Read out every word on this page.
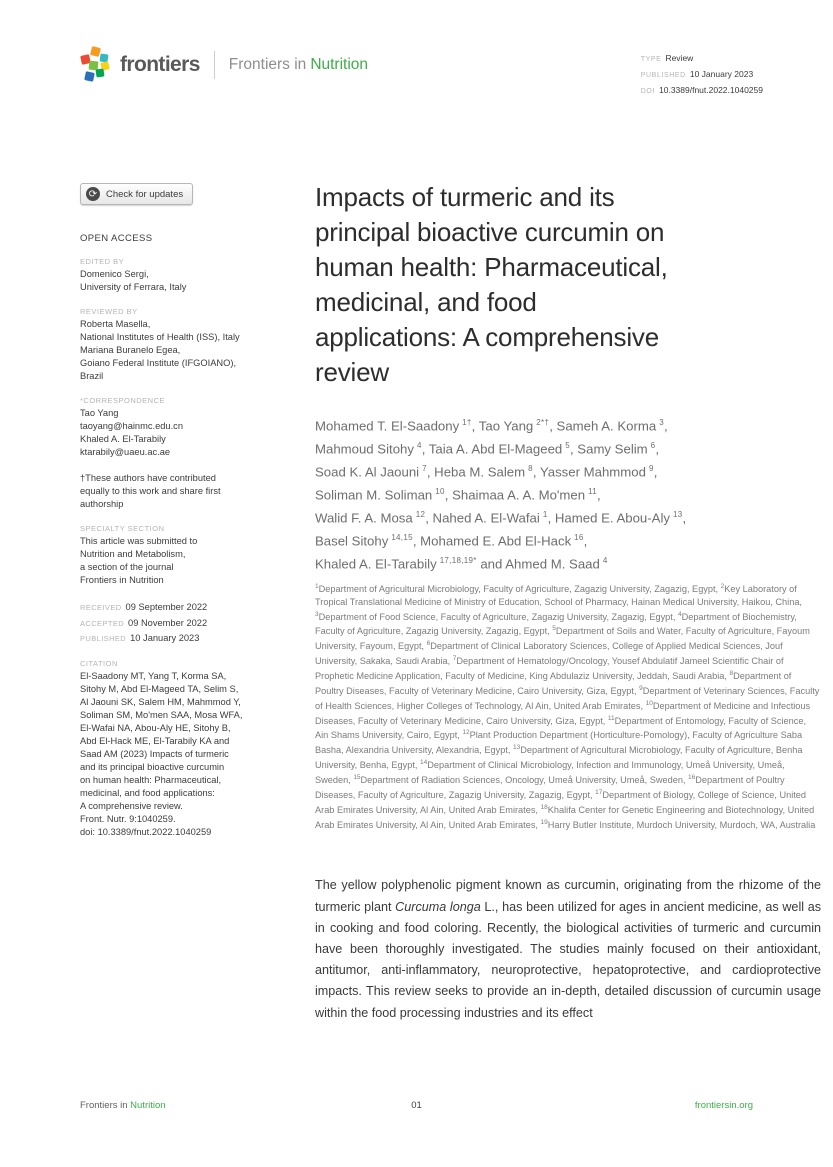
frontiers Frontiers in Nutrition	TYPE Review
PUBLISHED 10 January 2023
DOI 10.3389/fnut.2022.1040259
⟳ Check for updates
OPEN ACCESS
EDITED BY
Domenico Sergi,
University of Ferrara, Italy
REVIEWED BY
Roberta Masella,
National Institutes of Health (ISS), Italy
Mariana Buranelo Egea,
Goiano Federal Institute (IFGOIANO),
Brazil
*CORRESPONDENCE
Tao Yang
taoyang@hainmc.edu.cn
Khaled A. El-Tarabily
ktarabily@uaeu.ac.ae
†These authors have contributed
equally to this work and share first
authorship
SPECIALTY SECTION
This article was submitted to
Nutrition and Metabolism,
a section of the journal
Frontiers in Nutrition
RECEIVED 09 September 2022
ACCEPTED 09 November 2022
PUBLISHED 10 January 2023
CITATION
El-Saadony MT, Yang T, Korma SA,
Sitohy M, Abd El-Mageed TA, Selim S,
Al Jaouni SK, Salem HM, Mahmmod Y,
Soliman SM, Mo'men SAA, Mosa WFA,
El-Wafai NA, Abou-Aly HE, Sitohy B,
Abd El-Hack ME, El-Tarabily KA and
Saad AM (2023) Impacts of turmeric
and its principal bioactive curcumin
on human health: Pharmaceutical,
medicinal, and food applications:
A comprehensive review.
Front. Nutr. 9:1040259.
doi: 10.3389/fnut.2022.1040259
Impacts of turmeric and its
principal bioactive curcumin on
human health: Pharmaceutical,
medicinal, and food
applications: A comprehensive
review
Mohamed T. El-Saadony $^{1\dagger}$, Tao Yang $^{2*\dagger}$, Sameh A. Korma $^3$,
Mahmoud Sitohy $^4$, Taia A. Abd El-Mageed $^5$, Samy Selim $^6$,
Soad K. Al Jaouni $^7$, Heba M. Salem $^8$, Yasser Mahmmod $^9$,
Soliman M. Soliman $^{10}$, Shaimaa A. A. Mo'men $^{11}$,
Walid F. A. Mosa $^{12}$, Nahed A. El-Wafai $^1$, Hamed E. Abou-Aly $^{13}$,
Basel Sitohy $^{14,15}$, Mohamed E. Abd El-Hack $^{16}$,
Khaled A. El-Tarabily $^{17,18,19*}$ and Ahmed M. Saad $^4$
$^1$Department of Agricultural Microbiology, Faculty of Agriculture, Zagazig University, Zagazig, Egypt, $^2$Key Laboratory of Tropical Translational Medicine of Ministry of Education, School of Pharmacy, Hainan Medical University, Haikou, China, $^3$Department of Food Science, Faculty of Agriculture, Zagazig University, Zagazig, Egypt, $^4$Department of Biochemistry, Faculty of Agriculture, Zagazig University, Zagazig, Egypt, $^5$Department of Soils and Water, Faculty of Agriculture, Fayoum University, Fayoum, Egypt, $^6$Department of Clinical Laboratory Sciences, College of Applied Medical Sciences, Jouf University, Sakaka, Saudi Arabia, $^7$Department of Hematology/Oncology, Yousef Abdulatif Jameel Scientific Chair of Prophetic Medicine Application, Faculty of Medicine, King Abdulaziz University, Jeddah, Saudi Arabia, $^8$Department of Poultry Diseases, Faculty of Veterinary Medicine, Cairo University, Giza, Egypt, $^9$Department of Veterinary Sciences, Faculty of Health Sciences, Higher Colleges of Technology, Al Ain, United Arab Emirates, $^{10}$Department of Medicine and Infectious Diseases, Faculty of Veterinary Medicine, Cairo University, Giza, Egypt, $^{11}$Department of Entomology, Faculty of Science, Ain Shams University, Cairo, Egypt, $^{12}$Plant Production Department (Horticulture-Pomology), Faculty of Agriculture Saba Basha, Alexandria University, Alexandria, Egypt, $^{13}$Department of Agricultural Microbiology, Faculty of Agriculture, Benha University, Benha, Egypt, $^{14}$Department of Clinical Microbiology, Infection and Immunology, Umeå University, Umeå, Sweden, $^{15}$Department of Radiation Sciences, Oncology, Umeå University, Umeå, Sweden, $^{16}$Department of Poultry Diseases, Faculty of Agriculture, Zagazig University, Zagazig, Egypt, $^{17}$Department of Biology, College of Science, United Arab Emirates University, Al Ain, United Arab Emirates, $^{18}$Khalifa Center for Genetic Engineering and Biotechnology, United Arab Emirates University, Al Ain, United Arab Emirates, $^{19}$Harry Butler Institute, Murdoch University, Murdoch, WA, Australia
The yellow polyphenolic pigment known as curcumin, originating from the rhizome of the turmeric plant Curcuma longa L., has been utilized for ages in ancient medicine, as well as in cooking and food coloring. Recently, the biological activities of turmeric and curcumin have been thoroughly investigated. The studies mainly focused on their antioxidant, antitumor, anti-inflammatory, neuroprotective, hepatoprotective, and cardioprotective impacts. This review seeks to provide an in-depth, detailed discussion of curcumin usage within the food processing industries and its effect
Frontiers in Nutrition	01	frontiersin.org
